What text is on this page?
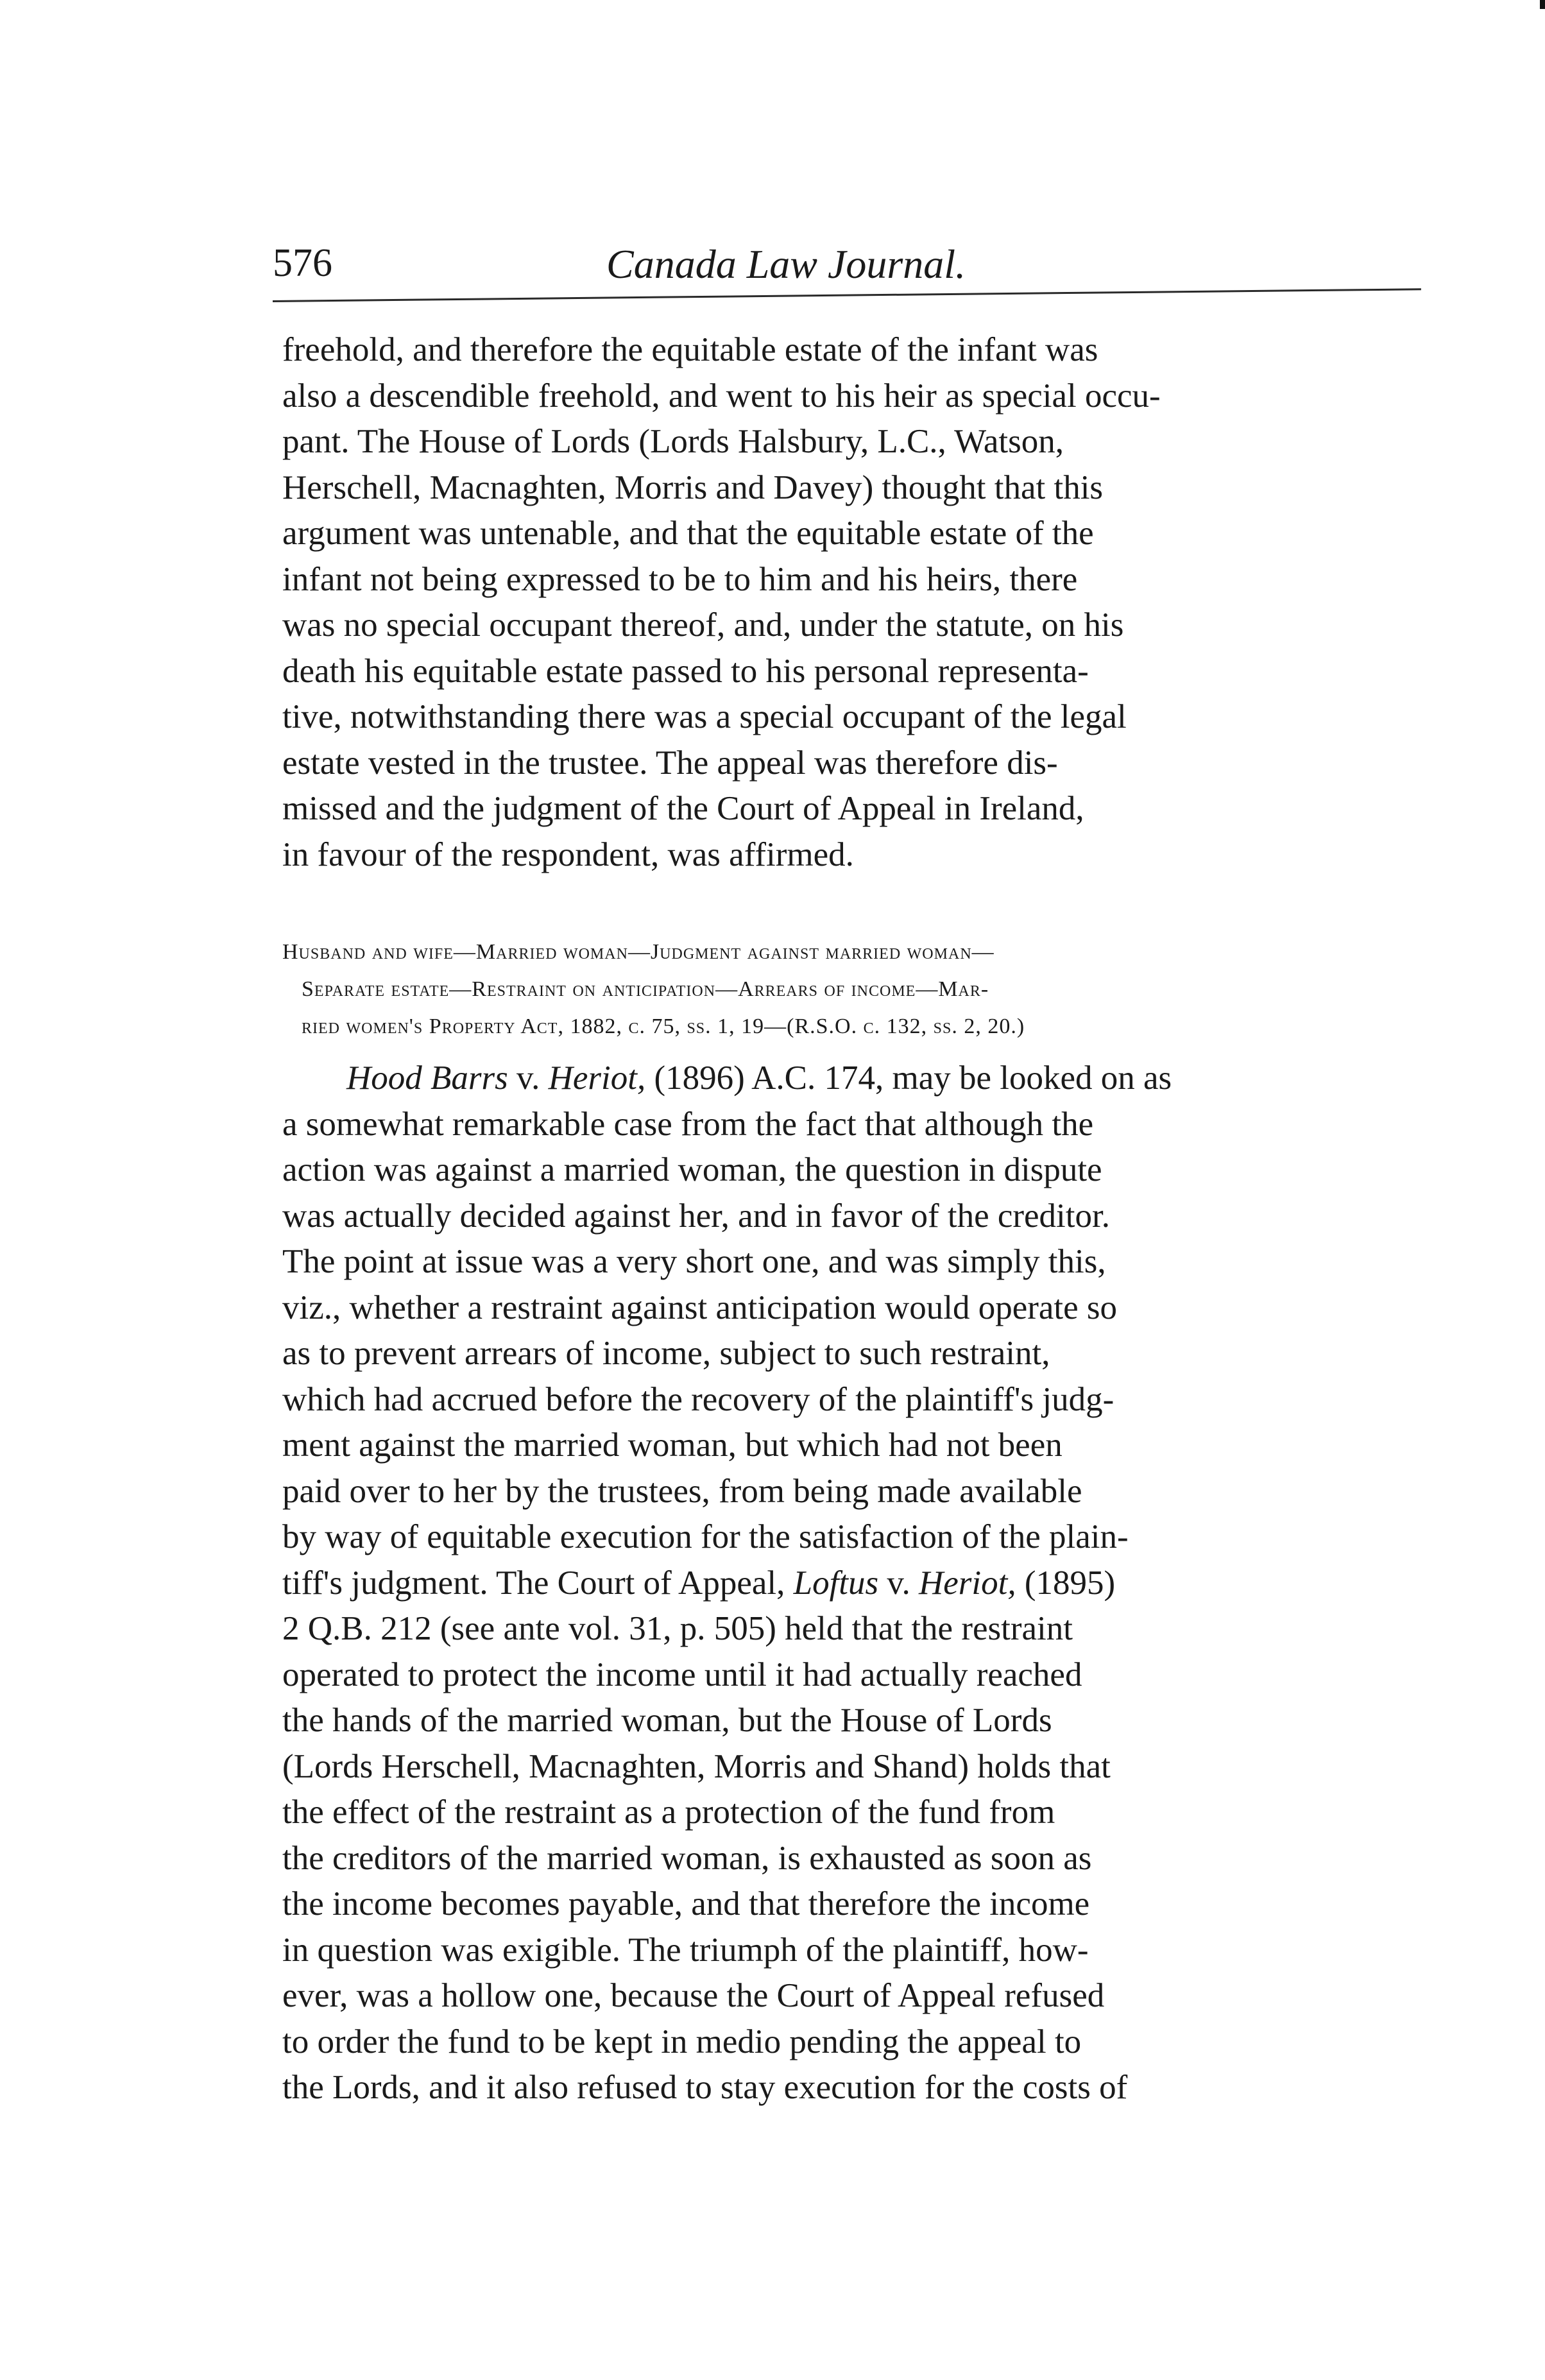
576	Canada Law Journal.
freehold, and therefore the equitable estate of the infant was
also a descendible freehold, and went to his heir as special occu-
pant. The House of Lords (Lords Halsbury, L.C., Watson,
Herschell, Macnaghten, Morris and Davey) thought that this
argument was untenable, and that the equitable estate of the
infant not being expressed to be to him and his heirs, there
was no special occupant thereof, and, under the statute, on his
death his equitable estate passed to his personal representa-
tive, notwithstanding there was a special occupant of the legal
estate vested in the trustee. The appeal was therefore dis-
missed and the judgment of the Court of Appeal in Ireland,
in favour of the respondent, was affirmed.
Husband and wife—Married woman—Judgment against married woman—
Separate estate—Restraint on anticipation—Arrears of income—Mar-
ried women's Property Act, 1882, c. 75, ss. 1, 19—(R.S.O. c. 132, ss. 2, 20.)
Hood Barrs v. Heriot, (1896) A.C. 174, may be looked on as
a somewhat remarkable case from the fact that although the
action was against a married woman, the question in dispute
was actually decided against her, and in favor of the creditor.
The point at issue was a very short one, and was simply this,
viz., whether a restraint against anticipation would operate so
as to prevent arrears of income, subject to such restraint,
which had accrued before the recovery of the plaintiff's judg-
ment against the married woman, but which had not been
paid over to her by the trustees, from being made available
by way of equitable execution for the satisfaction of the plain-
tiff's judgment. The Court of Appeal, Loftus v. Heriot, (1895)
2 Q.B. 212 (see ante vol. 31, p. 505) held that the restraint
operated to protect the income until it had actually reached
the hands of the married woman, but the House of Lords
(Lords Herschell, Macnaghten, Morris and Shand) holds that
the effect of the restraint as a protection of the fund from
the creditors of the married woman, is exhausted as soon as
the income becomes payable, and that therefore the income
in question was exigible. The triumph of the plaintiff, how-
ever, was a hollow one, because the Court of Appeal refused
to order the fund to be kept in medio pending the appeal to
the Lords, and it also refused to stay execution for the costs of
